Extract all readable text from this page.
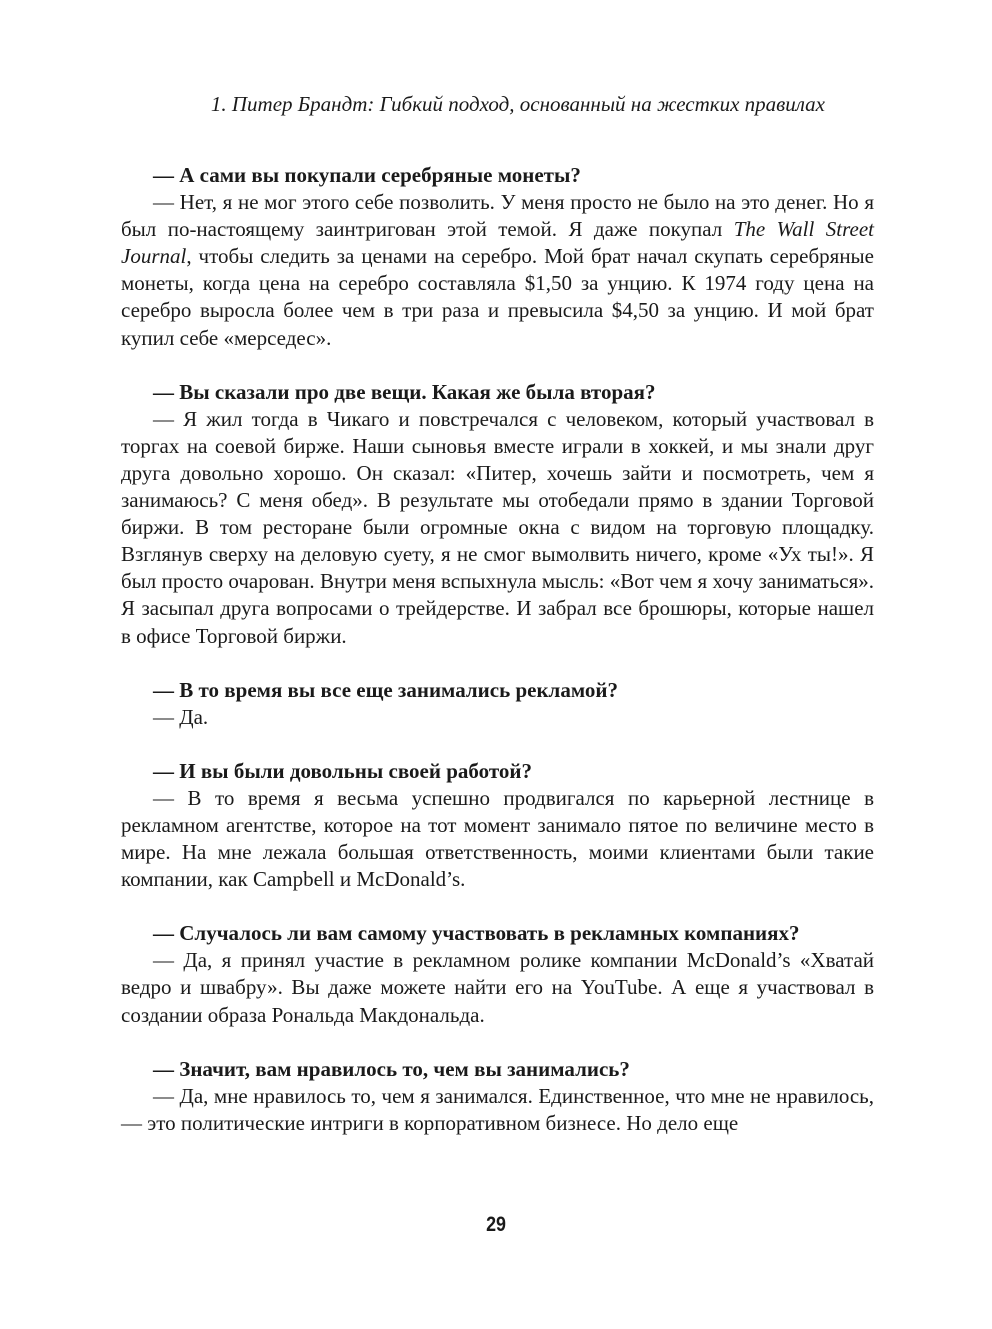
1. Питер Брандт: Гибкий подход, основанный на жестких правилах

— А сами вы покупали серебряные монеты?

— Нет, я не мог этого себе позволить. У меня просто не было на это денег. Но я был по-настоящему заинтригован этой темой. Я даже покупал The Wall Street Journal, чтобы следить за ценами на серебро. Мой брат начал скупать серебряные монеты, когда цена на серебро составляла $1,50 за унцию. К 1974 году цена на серебро выросла более чем в три раза и превысила $4,50 за унцию. И мой брат купил себе «мерседес».

— Вы сказали про две вещи. Какая же была вторая?

— Я жил тогда в Чикаго и повстречался с человеком, который участвовал в торгах на соевой бирже. Наши сыновья вместе играли в хоккей, и мы знали друг друга довольно хорошо. Он сказал: «Питер, хочешь зайти и посмотреть, чем я занимаюсь? С меня обед». В результате мы отобедали прямо в здании Торговой биржи. В том ресторане были огромные окна с видом на торговую площадку. Взглянув сверху на деловую суету, я не смог вымолвить ничего, кроме «Ух ты!». Я был просто очарован. Внутри меня вспыхнула мысль: «Вот чем я хочу заниматься». Я засыпал друга вопросами о трейдерстве. И забрал все брошюры, которые нашел в офисе Торговой биржи.

— В то время вы все еще занимались рекламой?

— Да.

— И вы были довольны своей работой?

— В то время я весьма успешно продвигался по карьерной лестнице в рекламном агентстве, которое на тот момент занимало пятое по величине место в мире. На мне лежала большая ответственность, моими клиентами были такие компании, как Campbell и McDonald’s.

— Случалось ли вам самому участвовать в рекламных компаниях?

— Да, я принял участие в рекламном ролике компании McDonald’s «Хватай ведро и швабру». Вы даже можете найти его на YouTube. А еще я участвовал в создании образа Рональда Макдональда.

— Значит, вам нравилось то, чем вы занимались?

— Да, мне нравилось то, чем я занимался. Единственное, что мне не нравилось, — это политические интриги в корпоративном бизнесе. Но дело еще

29
